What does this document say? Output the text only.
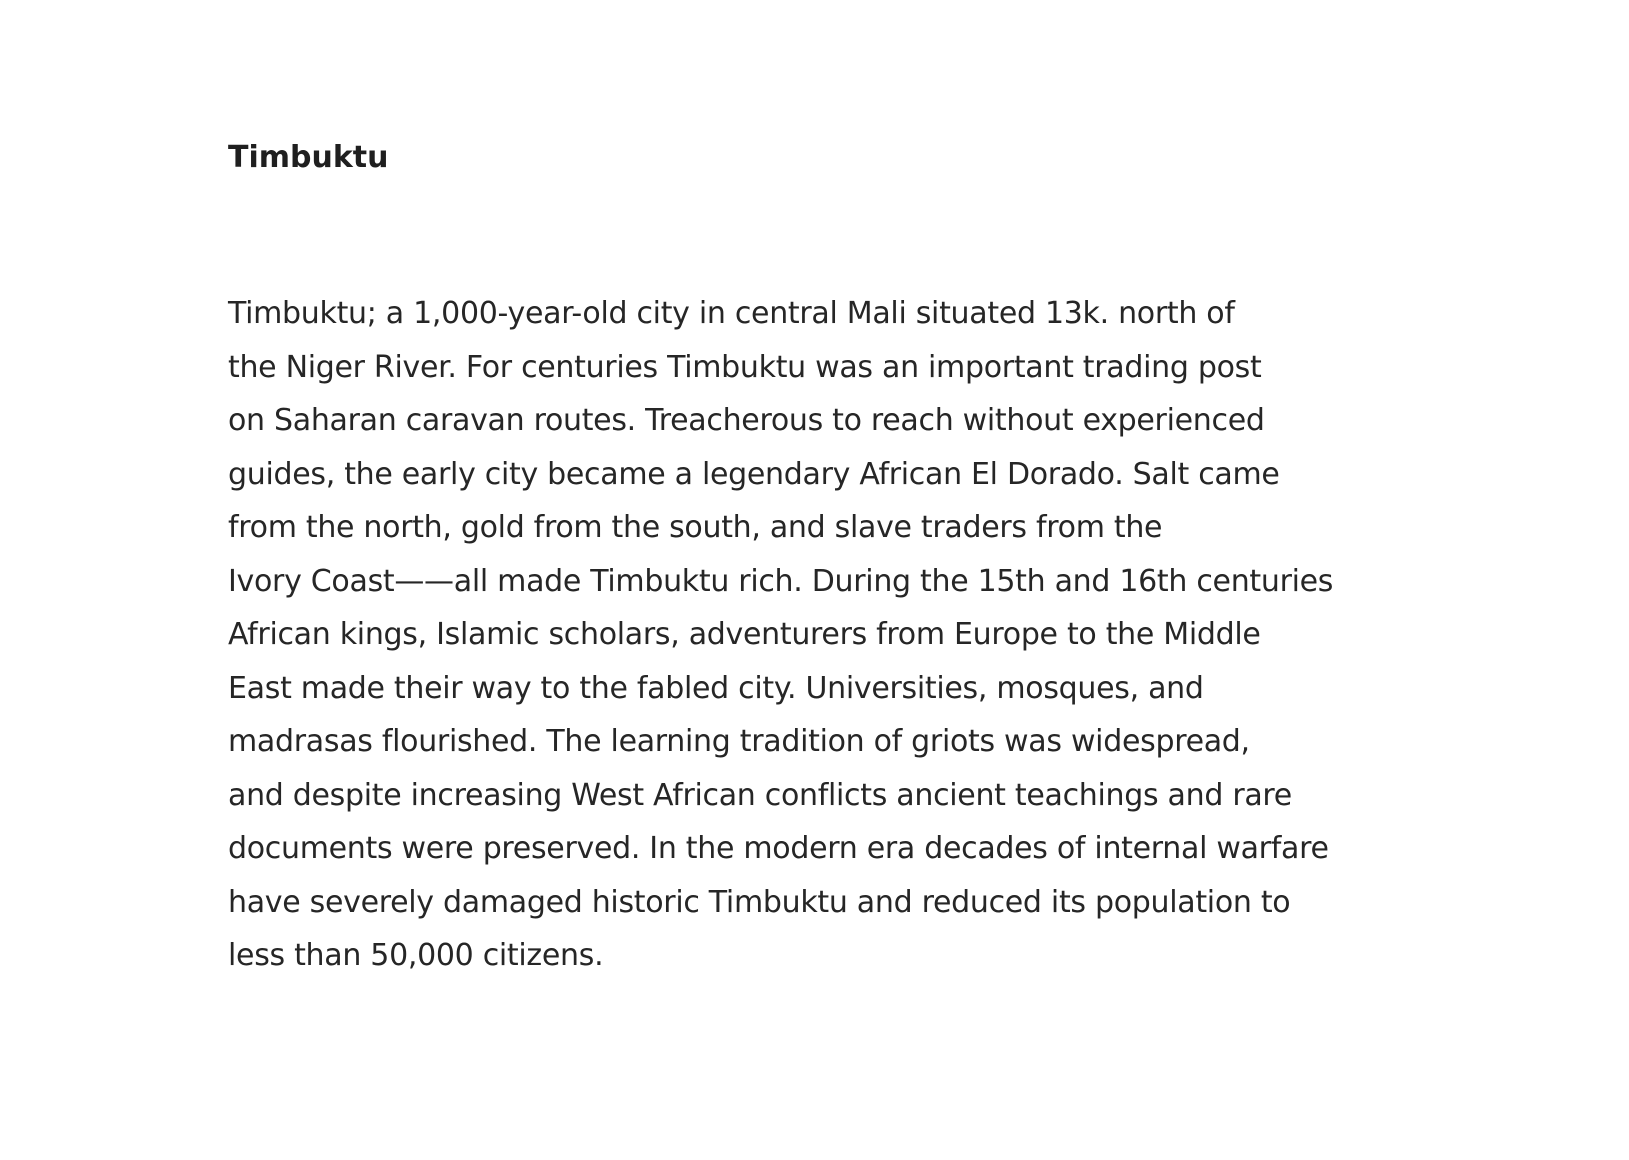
Timbuktu
Timbuktu; a 1,000-year-old city in central Mali situated 13k. north of
the Niger River. For centuries Timbuktu was an important trading post
on Saharan caravan routes. Treacherous to reach without experienced
guides, the early city became a legendary African El Dorado. Salt came
from the north, gold from the south, and slave traders from the
Ivory Coast——all made Timbuktu rich. During the 15th and 16th centuries
African kings, Islamic scholars, adventurers from Europe to the Middle
East made their way to the fabled city. Universities, mosques, and
madrasas flourished. The learning tradition of griots was widespread,
and despite increasing West African conflicts ancient teachings and rare
documents were preserved. In the modern era decades of internal warfare
have severely damaged historic Timbuktu and reduced its population to
less than 50,000 citizens.
